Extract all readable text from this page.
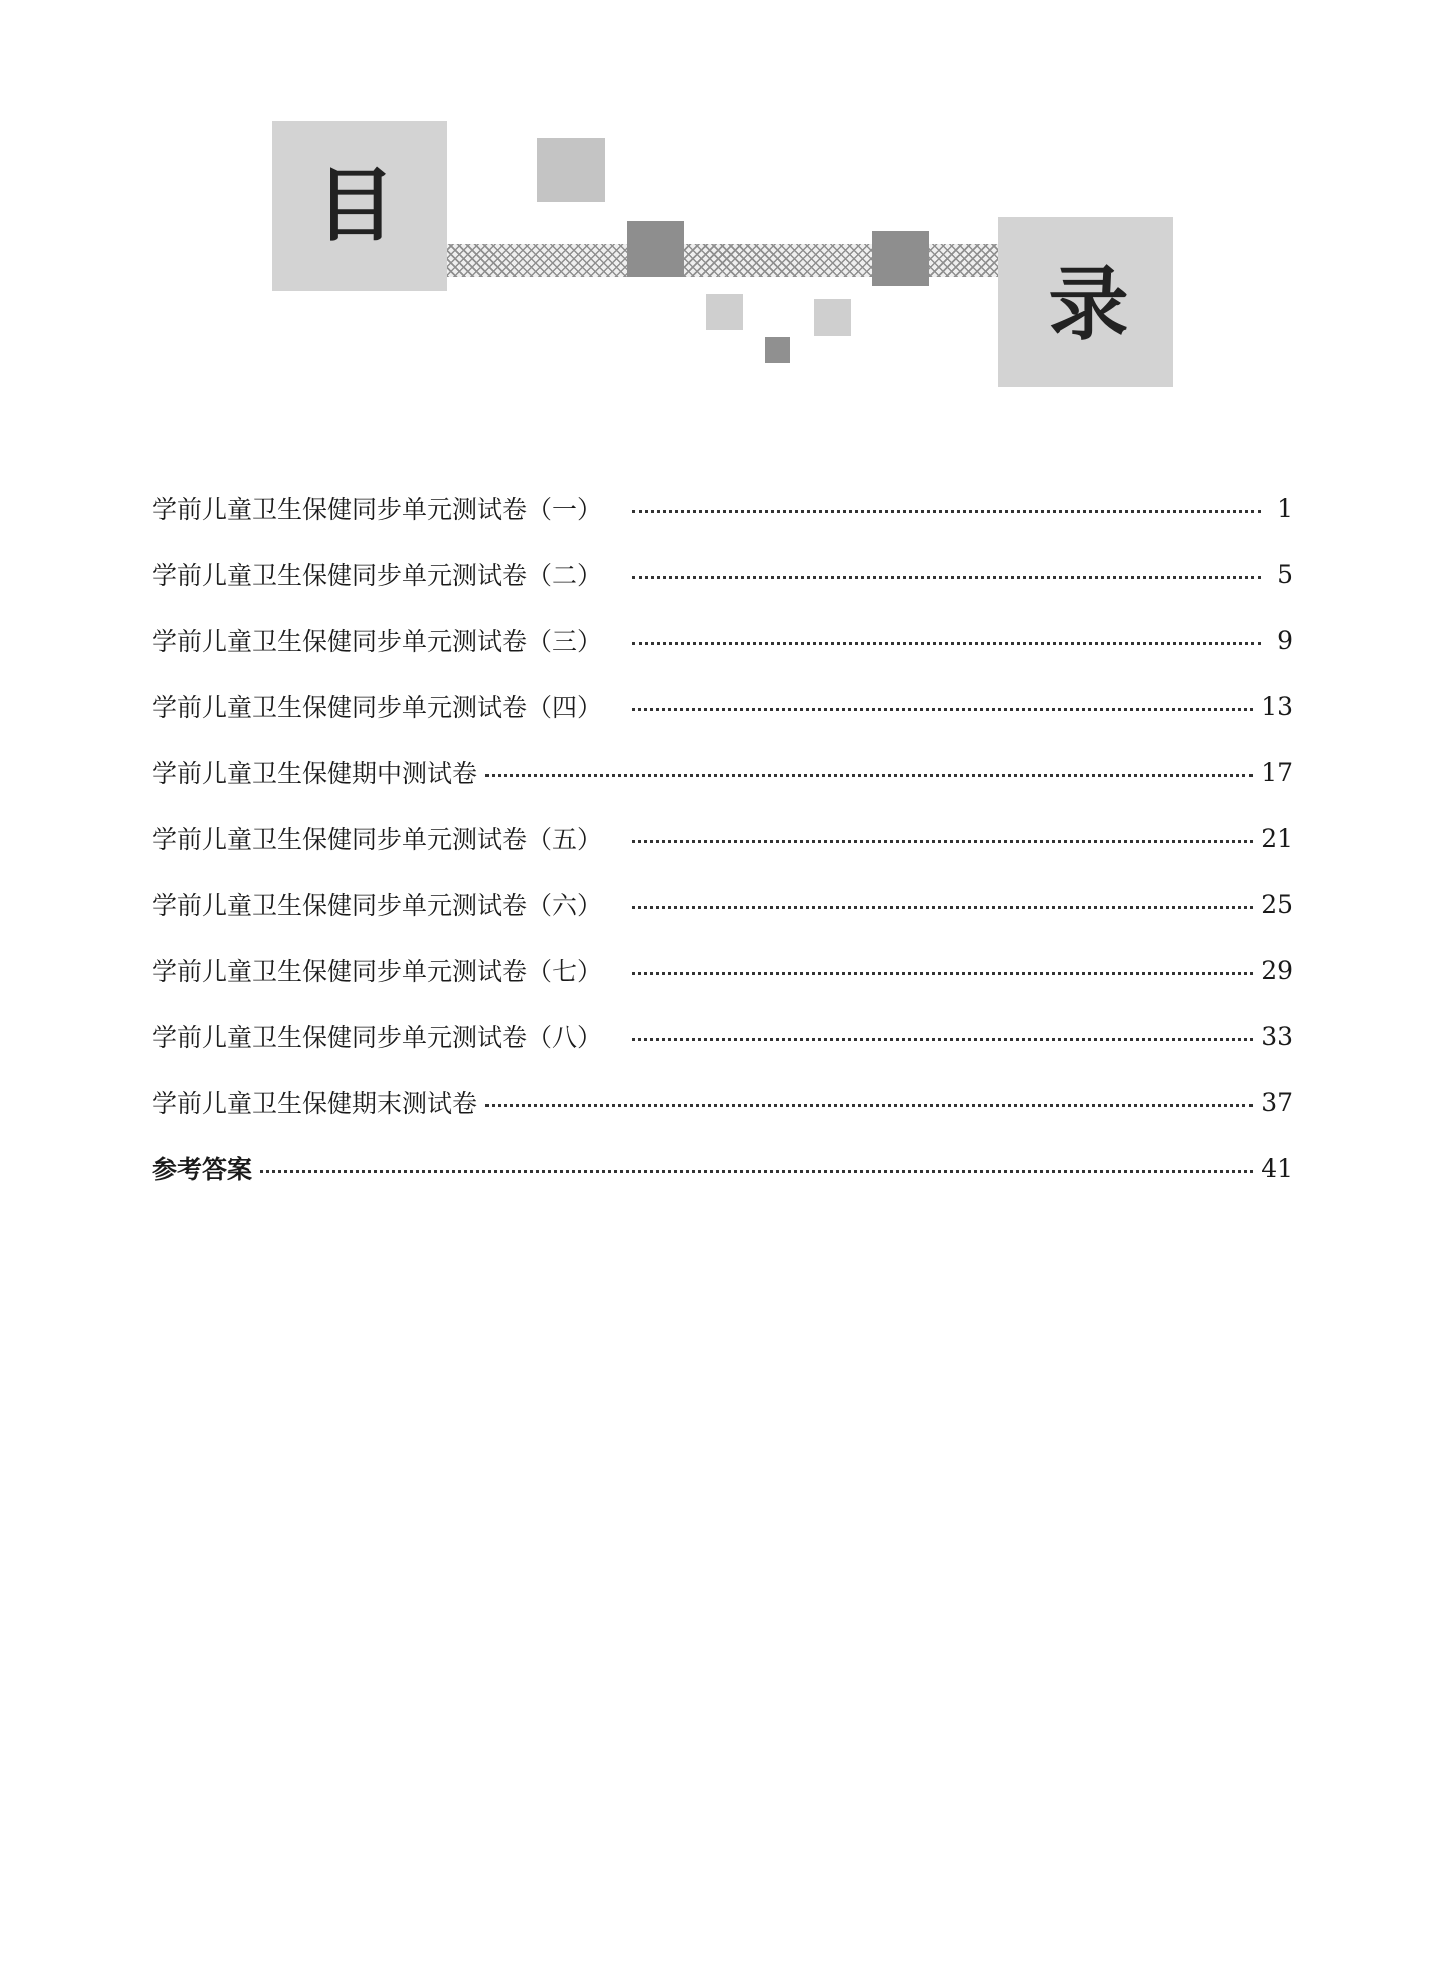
目
录
学前儿童卫生保健同步单元测试卷（一）	1
学前儿童卫生保健同步单元测试卷（二）	5
学前儿童卫生保健同步单元测试卷（三）	9
学前儿童卫生保健同步单元测试卷（四）	13
学前儿童卫生保健期中测试卷	17
学前儿童卫生保健同步单元测试卷（五）	21
学前儿童卫生保健同步单元测试卷（六）	25
学前儿童卫生保健同步单元测试卷（七）	29
学前儿童卫生保健同步单元测试卷（八）	33
学前儿童卫生保健期末测试卷	37
参考答案	41
